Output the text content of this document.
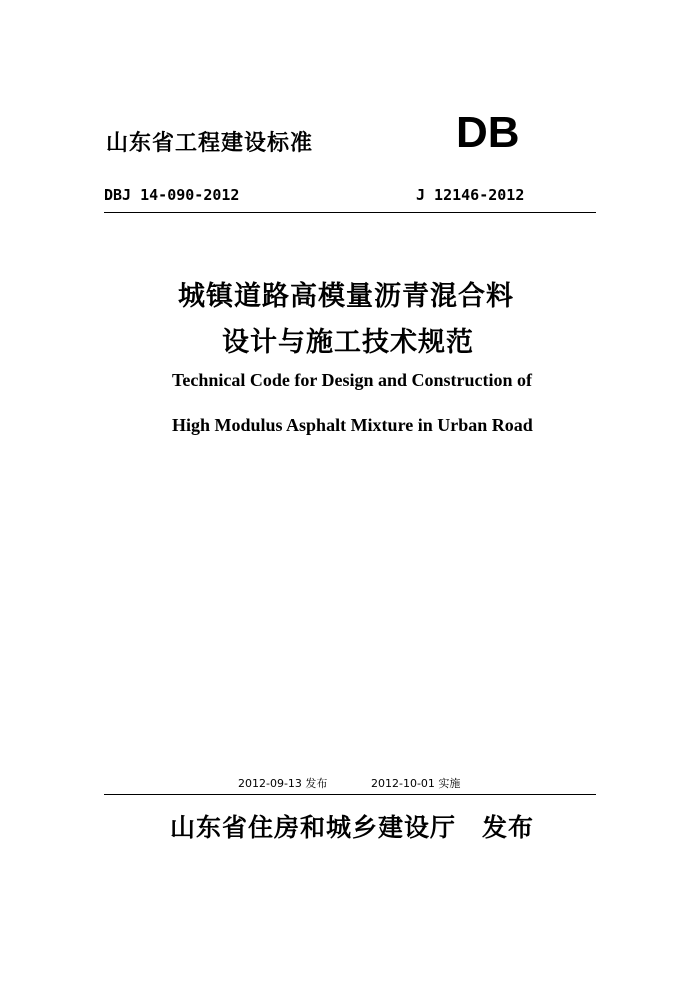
山东省工程建设标准	DB
DBJ 14-090-2012	J 12146-2012
城镇道路高模量沥青混合料
设计与施工技术规范
Technical Code for Design and Construction of
High Modulus Asphalt Mixture in Urban Road
2012-09-13 发布	2012-10-01 实施
山东省住房和城乡建设厅 发布
